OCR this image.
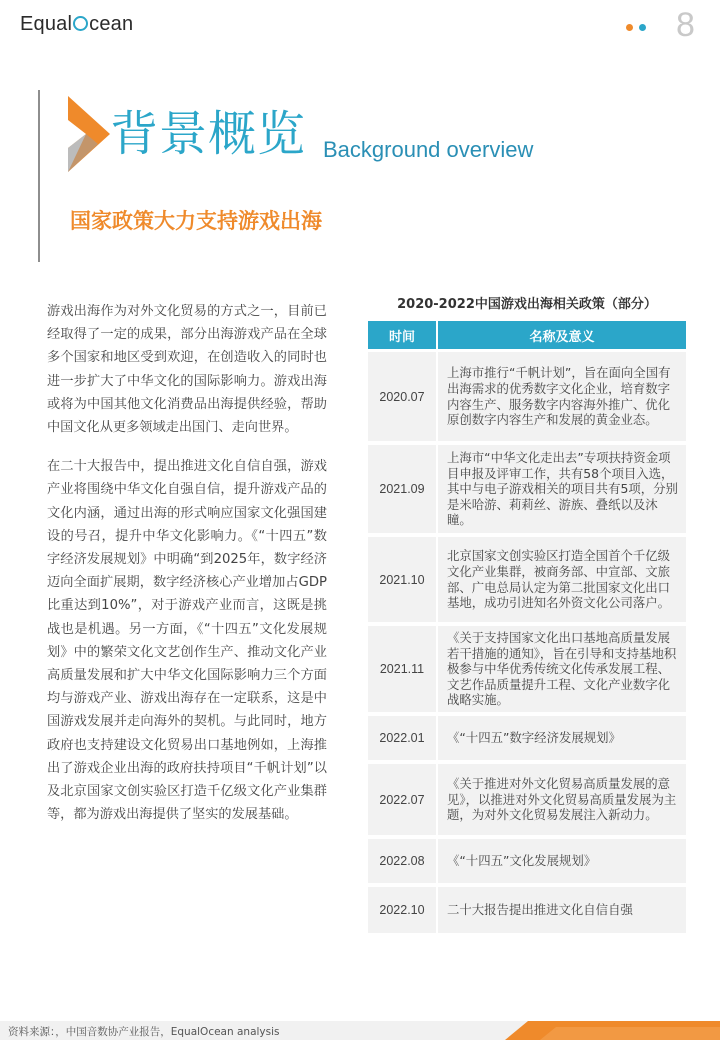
Equal cean	8
背景概览 Background overview
国家政策大力支持游戏出海

游戏出海作为对外文化贸易的方式之一，目前已经取得了一定的成果，部分出海游戏产品在全球多个国家和地区受到欢迎，在创造收入的同时也进一步扩大了中华文化的国际影响力。游戏出海或将为中国其他文化消费品出海提供经验，帮助中国文化从更多领域走出国门、走向世界。

在二十大报告中，提出推进文化自信自强，游戏产业将围绕中华文化自强自信，提升游戏产品的文化内涵，通过出海的形式响应国家文化强国建设的号召，提升中华文化影响力。《“十四五”数字经济发展规划》中明确“到2025年，数字经济迈向全面扩展期，数字经济核心产业增加占GDP比重达到10%”，对于游戏产业而言，这既是挑战也是机遇。另一方面，《“十四五”文化发展规划》中的繁荣文化文艺创作生产、推动文化产业高质量发展和扩大中华文化国际影响力三个方面均与游戏产业、游戏出海存在一定联系，这是中国游戏发展并走向海外的契机。与此同时，地方政府也支持建设文化贸易出口基地例如，上海推出了游戏企业出海的政府扶持项目“千帆计划”以及北京国家文创实验区打造千亿级文化产业集群等，都为游戏出海提供了坚实的发展基础。

2020-2022中国游戏出海相关政策（部分）
时间	名称及意义
2020.07
上海市推行“千帆计划”，旨在面向全国有出海需求的优秀数字文化企业，培育数字内容生产、服务数字内容海外推广、优化原创数字内容生产和发展的黄金业态。
2021.09
上海市“中华文化走出去”专项扶持资金项目申报及评审工作，共有58个项目入选，其中与电子游戏相关的项目共有5项，分别是米哈游、莉莉丝、游族、叠纸以及沐瞳。
2021.10
北京国家文创实验区打造全国首个千亿级文化产业集群，被商务部、中宣部、文旅部、广电总局认定为第二批国家文化出口基地，成功引进知名外资文化公司落户。
2021.11
《关于支持国家文化出口基地高质量发展若干措施的通知》，旨在引导和支持基地积极参与中华优秀传统文化传承发展工程、文艺作品质量提升工程、文化产业数字化战略实施。
2022.01	《“十四五”数字经济发展规划》
2022.07
《关于推进对外文化贸易高质量发展的意见》，以推进对外文化贸易高质量发展为主题，为对外文化贸易发展注入新动力。
2022.08	《“十四五”文化发展规划》
2022.10	二十大报告提出推进文化自信自强
资料来源：，中国音数协产业报告，EqualOcean analysis
